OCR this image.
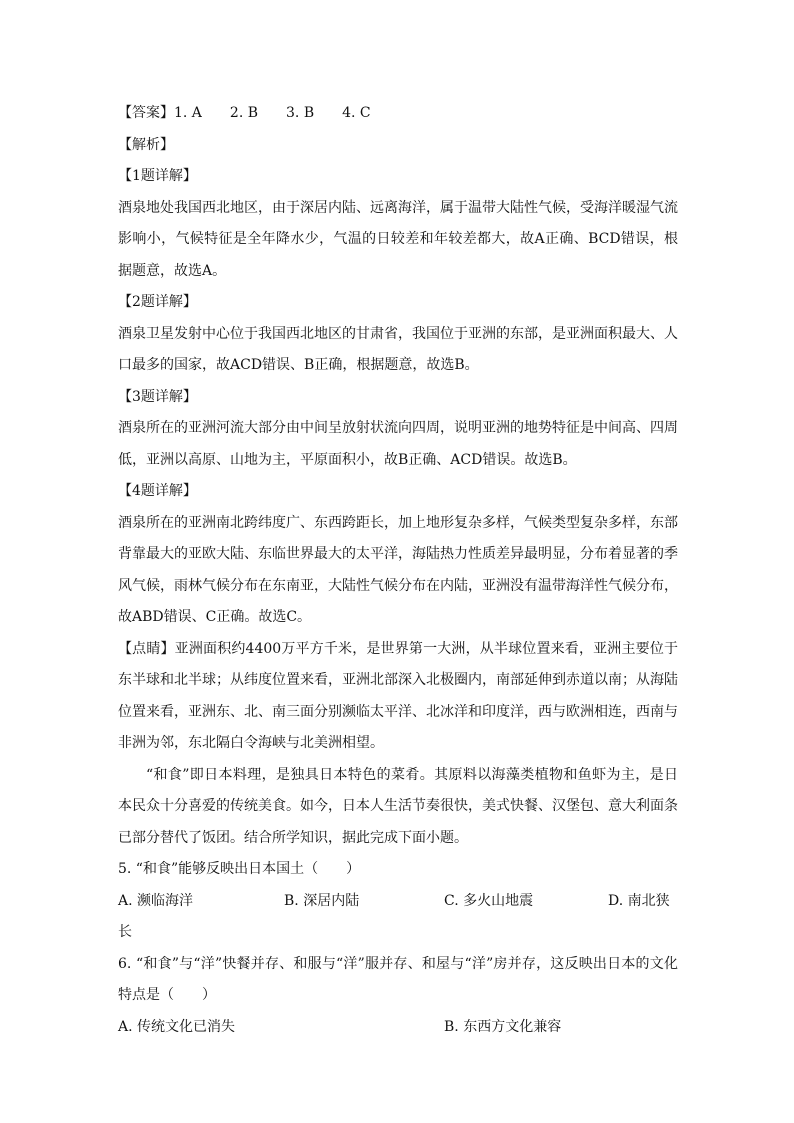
【答案】1. A　　2. B　　3. B　　4. C
【解析】
【1题详解】
酒泉地处我国西北地区，由于深居内陆、远离海洋，属于温带大陆性气候，受海洋暖湿气流影响小，气候特征是全年降水少，气温的日较差和年较差都大，故A正确、BCD错误，根据题意，故选A。
【2题详解】
酒泉卫星发射中心位于我国西北地区的甘肃省，我国位于亚洲的东部，是亚洲面积最大、人口最多的国家，故ACD错误、B正确，根据题意，故选B。
【3题详解】
酒泉所在的亚洲河流大部分由中间呈放射状流向四周，说明亚洲的地势特征是中间高、四周低，亚洲以高原、山地为主，平原面积小，故B正确、ACD错误。故选B。
【4题详解】
酒泉所在的亚洲南北跨纬度广、东西跨距长，加上地形复杂多样，气候类型复杂多样，东部背靠最大的亚欧大陆、东临世界最大的太平洋，海陆热力性质差异最明显，分布着显著的季风气候，雨林气候分布在东南亚，大陆性气候分布在内陆，亚洲没有温带海洋性气候分布，故ABD错误、C正确。故选C。
【点睛】亚洲面积约4400万平方千米，是世界第一大洲，从半球位置来看，亚洲主要位于东半球和北半球；从纬度位置来看，亚洲北部深入北极圈内，南部延伸到赤道以南；从海陆位置来看，亚洲东、北、南三面分别濒临太平洋、北冰洋和印度洋，西与欧洲相连，西南与非洲为邻，东北隔白令海峡与北美洲相望。
“和食”即日本料理，是独具日本特色的菜肴。其原料以海藻类植物和鱼虾为主，是日本民众十分喜爱的传统美食。如今，日本人生活节奏很快，美式快餐、汉堡包、意大利面条已部分替代了饭团。结合所学知识，据此完成下面小题。
5. “和食”能够反映出日本国土（　　）
A. 濒临海洋	B. 深居内陆	C. 多火山地震	D. 南北狭
长
6. “和食”与“洋”快餐并存、和服与“洋”服并存、和屋与“洋”房并存，这反映出日本的文化特点是（　　）
A. 传统文化已消失	B. 东西方文化兼容
